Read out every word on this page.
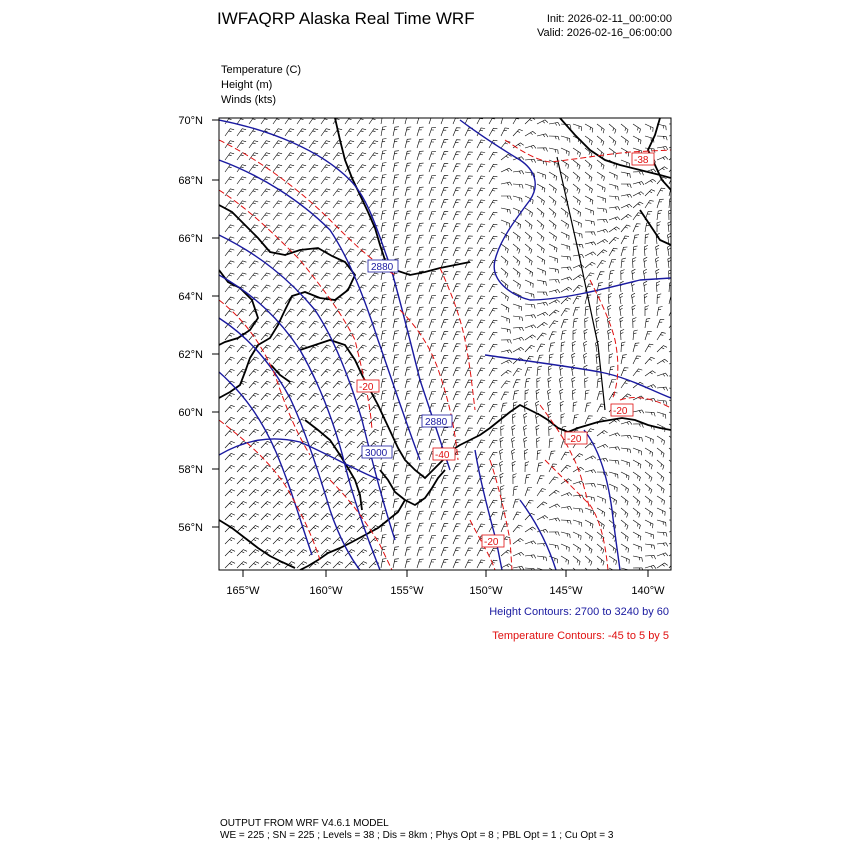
IWFAQRP Alaska Real Time WRF	Init: 2026-02-11_00:00:00
Valid: 2026-02-16_06:00:00
Temperature (C)
Height (m)
Winds (kts)
2880
2880
3000
-38
-20
-40
-20
-20
-20
70°N
68°N
66°N
64°N
62°N
60°N
58°N
56°N
165°W	160°W	155°W	150°W	145°W	140°W
Height Contours: 2700 to 3240 by 60
Temperature Contours: -45 to 5 by 5
OUTPUT FROM WRF V4.6.1 MODEL
WE = 225 ; SN = 225 ; Levels = 38 ; Dis = 8km ; Phys Opt = 8 ; PBL Opt = 1 ; Cu Opt = 3
